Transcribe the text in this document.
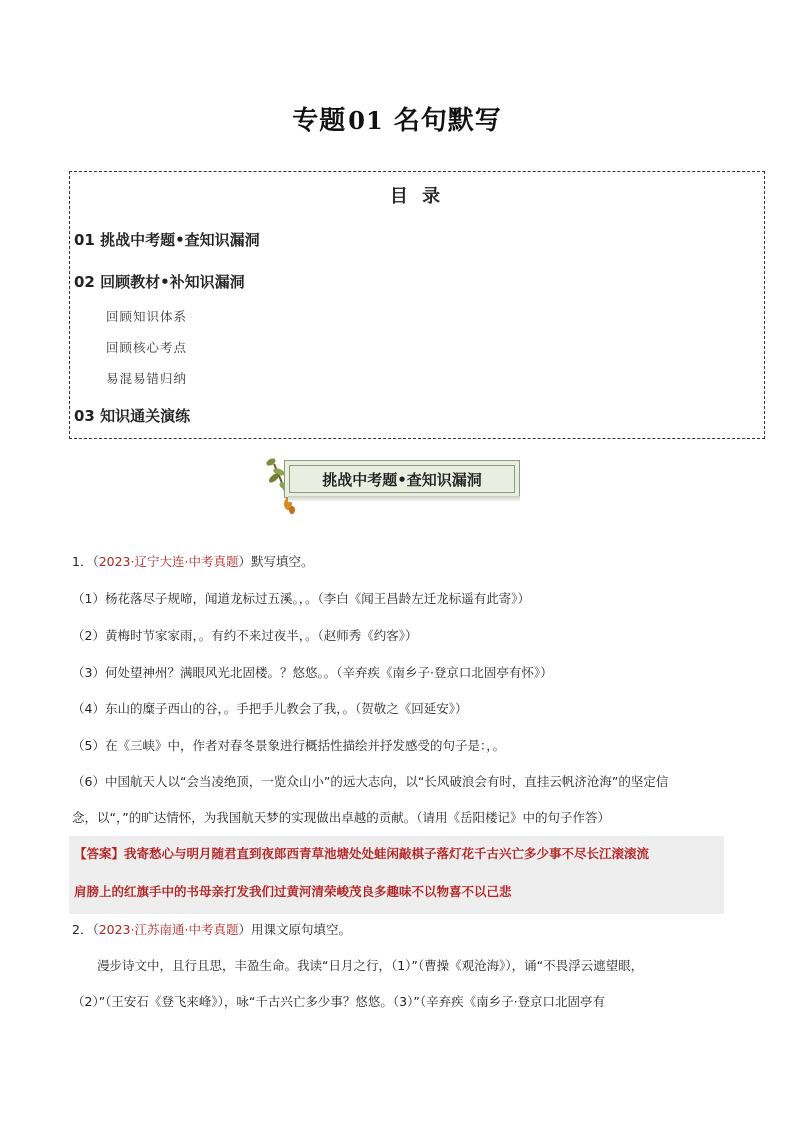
专题01 名句默写
目 录
01 挑战中考题•查知识漏洞
02 回顾教材•补知识漏洞
回顾知识体系
回顾核心考点
易混易错归纳
03 知识通关演练
挑战中考题•查知识漏洞
1．（2023·辽宁大连·中考真题）默写填空。
（1）杨花落尽子规啼，闻道龙标过五溪。，。（李白《闻王昌龄左迁龙标遥有此寄》）
（2）黄梅时节家家雨，。有约不来过夜半，。（赵师秀《约客》）
（3）何处望神州？满眼风光北固楼。？悠悠。。（辛弃疾《南乡子·登京口北固亭有怀》）
（4）东山的糜子西山的谷，。手把手儿教会了我，。（贺敬之《回延安》）
（5）在《三峡》中，作者对春冬景象进行概括性描绘并抒发感受的句子是：，。
（6）中国航天人以“会当凌绝顶，一览众山小”的远大志向，以“长风破浪会有时，直挂云帆济沧海”的坚定信
念，以“，”的旷达情怀，为我国航天梦的实现做出卓越的贡献。（请用《岳阳楼记》中的句子作答）
【答案】我寄愁心与明月随君直到夜郎西青草池塘处处蛙闲敲棋子落灯花千古兴亡多少事不尽长江滚滚流
肩膀上的红旗手中的书母亲打发我们过黄河清荣峻茂良多趣味不以物喜不以己悲
2．（2023·江苏南通·中考真题）用课文原句填空。
　　漫步诗文中，且行且思，丰盈生命。我读“日月之行，（1）”（曹操《观沧海》），诵“不畏浮云遮望眼，
（2）”（王安石《登飞来峰》），咏“千古兴亡多少事？悠悠。（3）”（辛弃疾《南乡子·登京口北固亭有
